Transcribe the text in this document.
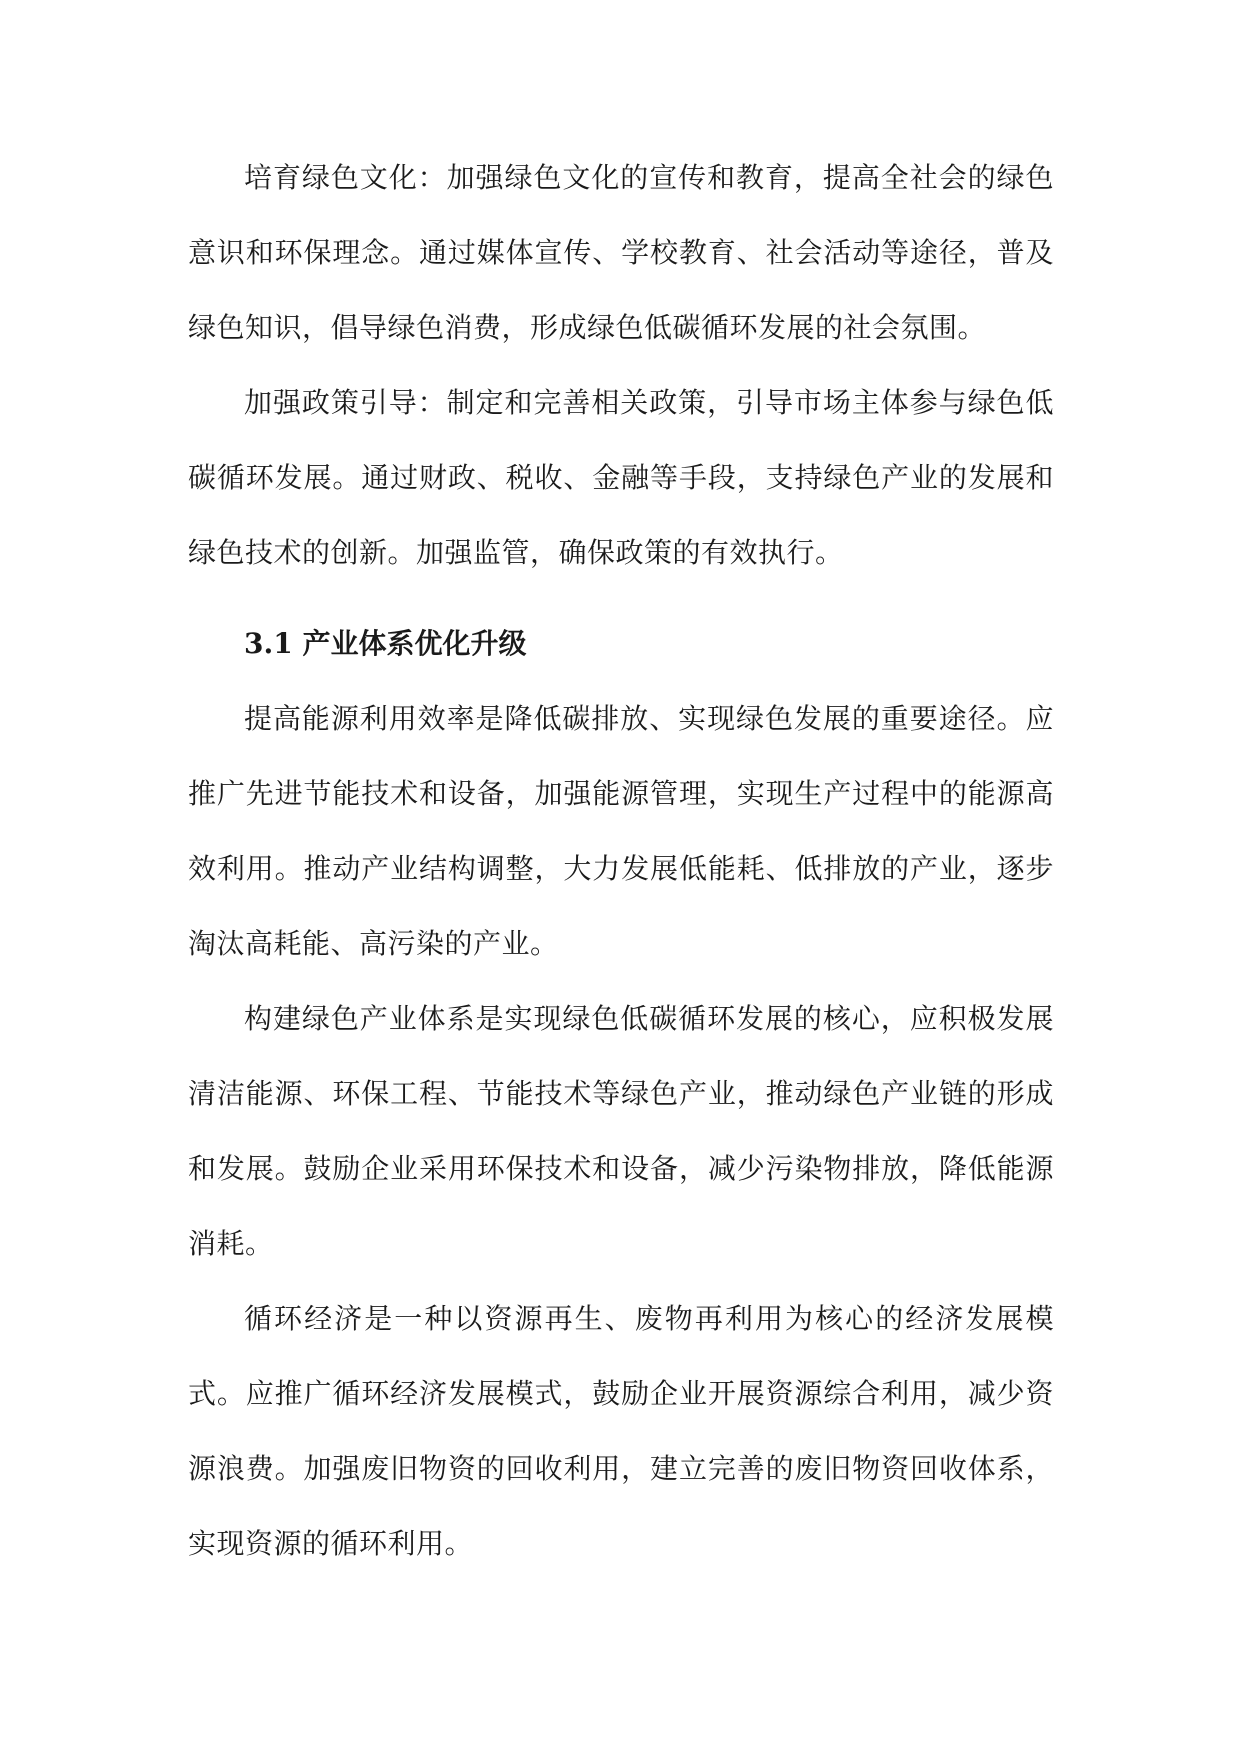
培育绿色文化：加强绿色文化的宣传和教育，提高全社会的绿色意识和环保理念。通过媒体宣传、学校教育、社会活动等途径，普及绿色知识，倡导绿色消费，形成绿色低碳循环发展的社会氛围。

加强政策引导：制定和完善相关政策，引导市场主体参与绿色低碳循环发展。通过财政、税收、金融等手段，支持绿色产业的发展和绿色技术的创新。加强监管，确保政策的有效执行。

3.1 产业体系优化升级

提高能源利用效率是降低碳排放、实现绿色发展的重要途径。应推广先进节能技术和设备，加强能源管理，实现生产过程中的能源高效利用。推动产业结构调整，大力发展低能耗、低排放的产业，逐步淘汰高耗能、高污染的产业。

构建绿色产业体系是实现绿色低碳循环发展的核心，应积极发展清洁能源、环保工程、节能技术等绿色产业，推动绿色产业链的形成和发展。鼓励企业采用环保技术和设备，减少污染物排放，降低能源消耗。

循环经济是一种以资源再生、废物再利用为核心的经济发展模式。应推广循环经济发展模式，鼓励企业开展资源综合利用，减少资源浪费。加强废旧物资的回收利用，建立完善的废旧物资回收体系，实现资源的循环利用。
